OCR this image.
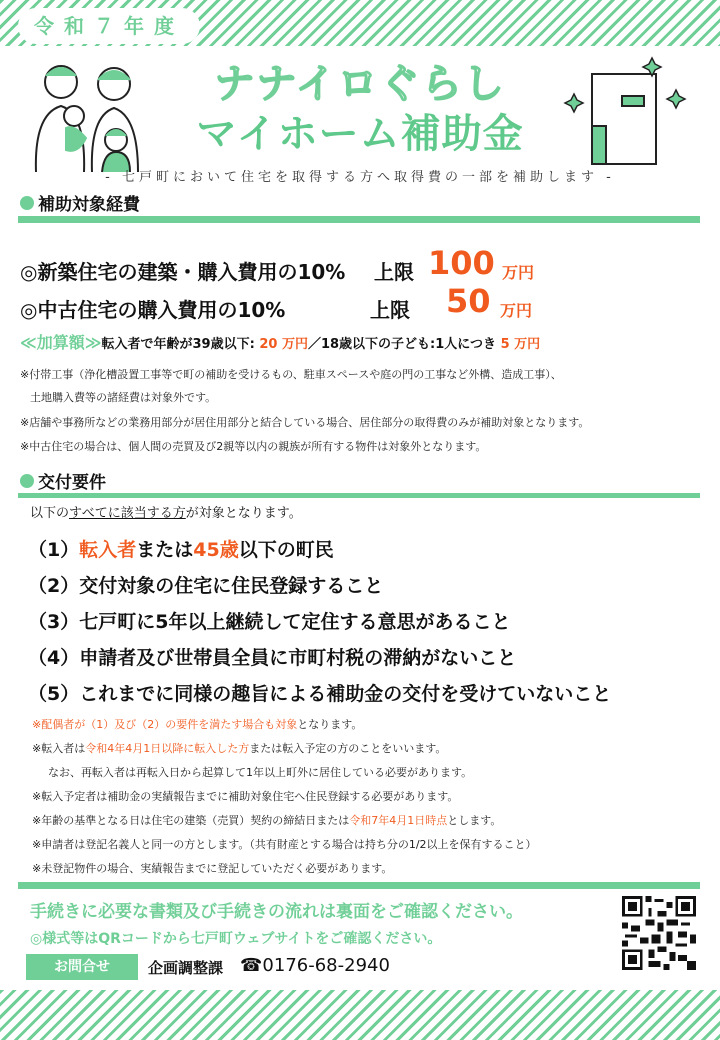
令和７年度
ナナイロぐらし
マイホーム補助金
- 七戸町において住宅を取得する方へ取得費の一部を補助します -
補助対象経費
◎新築住宅の建築・購入費用の10% 上限 100 万円
◎中古住宅の購入費用の10%	上限 50 万円
≪加算額≫転入者で年齢が39歳以下: 20 万円／18歳以下の子ども:1人につき 5 万円
※付帯工事（浄化槽設置工事等で町の補助を受けるもの、駐車スペースや庭の門の工事など外構、造成工事）、
土地購入費等の諸経費は対象外です。
※店舗や事務所などの業務用部分が居住用部分と結合している場合、居住部分の取得費のみが補助対象となります。
※中古住宅の場合は、個人間の売買及び2親等以内の親族が所有する物件は対象外となります。
交付要件
以下のすべてに該当する方が対象となります。
（1）転入者または45歳以下の町民
（2）交付対象の住宅に住民登録すること
（3）七戸町に5年以上継続して定住する意思があること
（4）申請者及び世帯員全員に市町村税の滞納がないこと
（5）これまでに同様の趣旨による補助金の交付を受けていないこと
※配偶者が（1）及び（2）の要件を満たす場合も対象となります。
※転入者は令和4年4月1日以降に転入した方または転入予定の方のことをいいます。
なお、再転入者は再転入日から起算して1年以上町外に居住している必要があります。
※転入予定者は補助金の実績報告までに補助対象住宅へ住民登録する必要があります。
※年齢の基準となる日は住宅の建築（売買）契約の締結日または令和7年4月1日時点とします。
※申請者は登記名義人と同一の方とします。（共有財産とする場合は持ち分の1/2以上を保有すること）
※未登記物件の場合、実績報告までに登記していただく必要があります。
手続きに必要な書類及び手続きの流れは裏面をご確認ください。
◎様式等はQRコードから七戸町ウェブサイトをご確認ください。
お問合せ	企画調整課 ☎0176-68-2940
